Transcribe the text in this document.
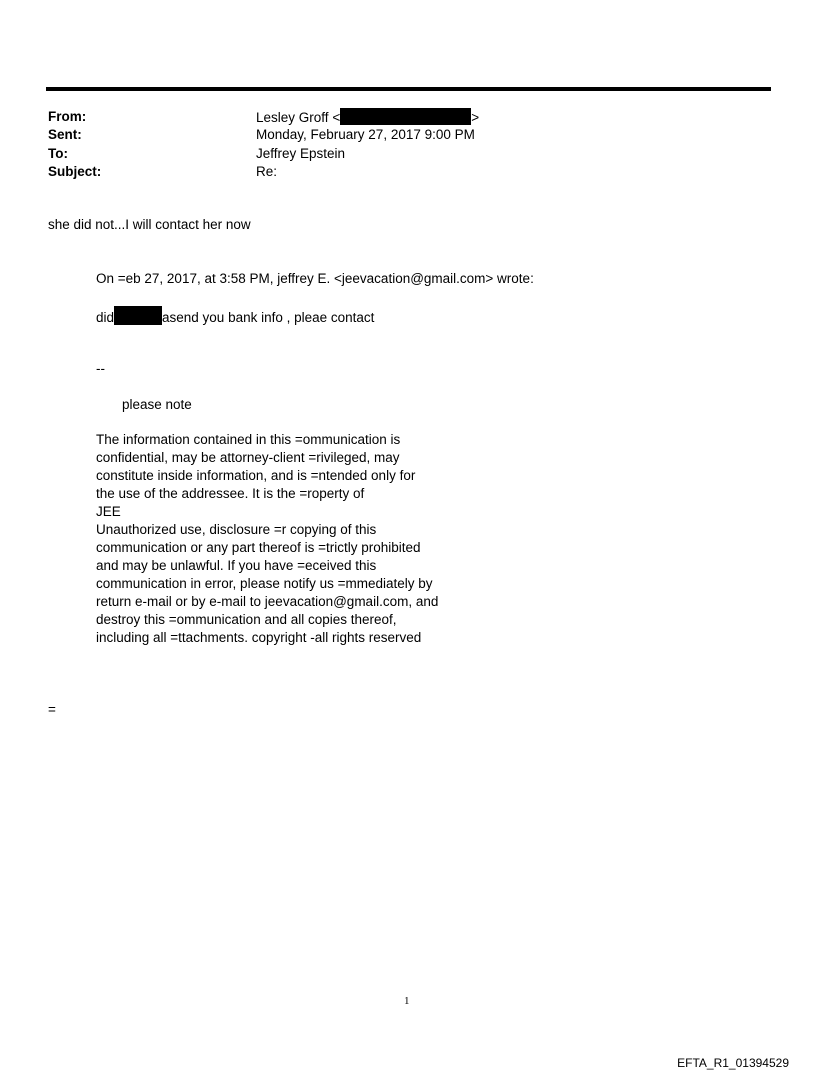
From:	Lesley Groff <	>
Sent:	Monday, February 27, 2017 9:00 PM
To:	Jeffrey Epstein
Subject:	Re:
she did not...I will contact her now
On =eb 27, 2017, at 3:58 PM, jeffrey E. <jeevacation@gmail.com> wrote:
did	asend you bank info , pleae contact
--
please note
The information contained in this =ommunication is
confidential, may be attorney-client =rivileged, may
constitute inside information, and is =ntended only for
the use of the addressee. It is the =roperty of
JEE
Unauthorized use, disclosure =r copying of this
communication or any part thereof is =trictly prohibited
and may be unlawful. If you have =eceived this
communication in error, please notify us =mmediately by
return e-mail or by e-mail to jeevacation@gmail.com, and
destroy this =ommunication and all copies thereof,
including all =ttachments. copyright -all rights reserved
=
1
EFTA_R1_01394529
